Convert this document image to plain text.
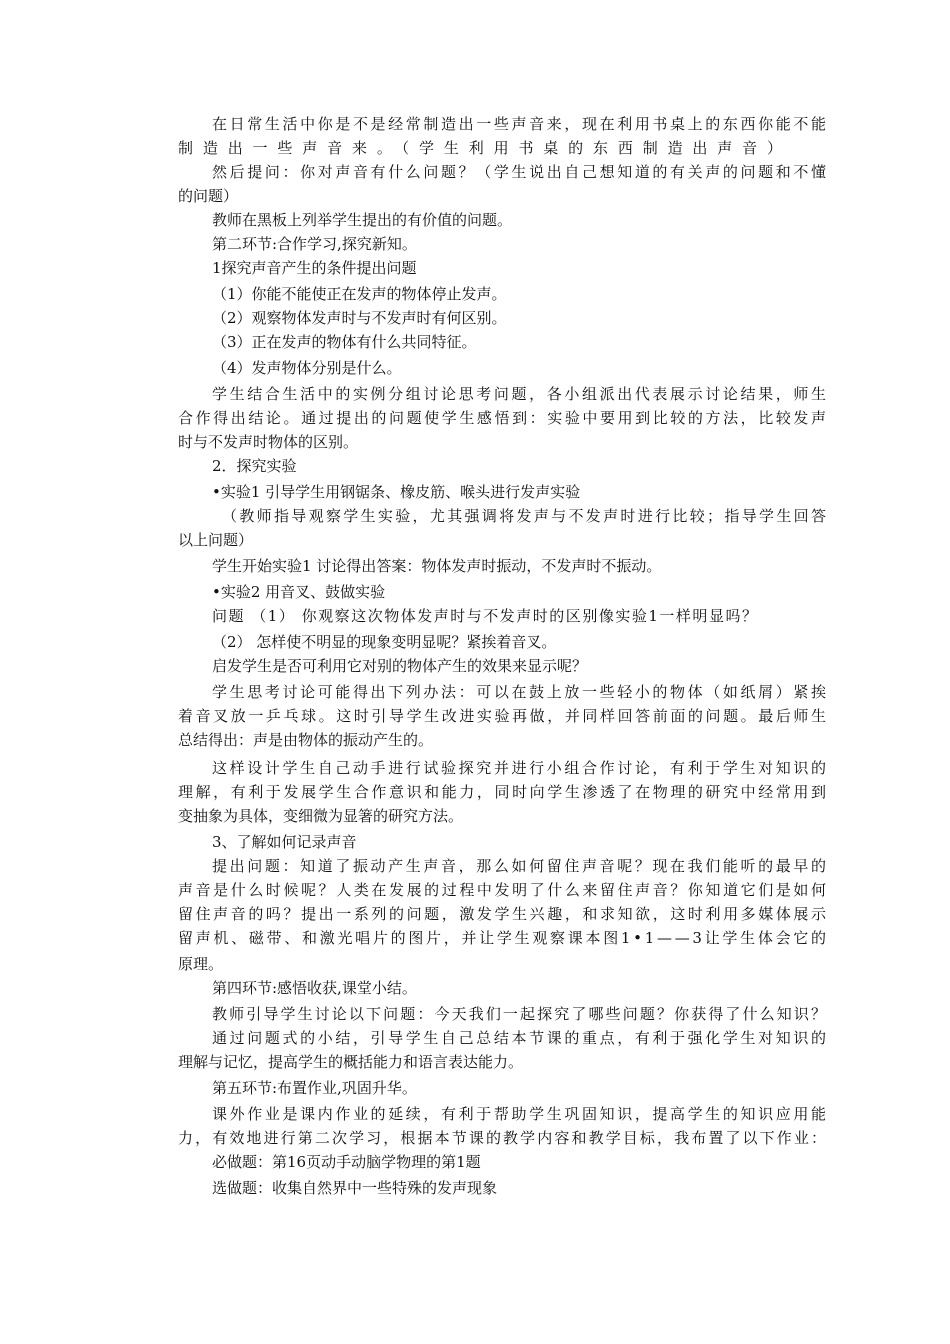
在日常生活中你是不是经常制造出一些声音来，现在利用书桌上的东西你能不能
制造出一些声音来。（学生利用书桌的东西制造出声音）
然后提问：你对声音有什么问题？（学生说出自己想知道的有关声的问题和不懂
的问题）
教师在黑板上列举学生提出的有价值的问题。
第二环节:合作学习,探究新知。
1探究声音产生的条件提出问题
（1）你能不能使正在发声的物体停止发声。
（2）观察物体发声时与不发声时有何区别。
（3）正在发声的物体有什么共同特征。
（4）发声物体分别是什么。
学生结合生活中的实例分组讨论思考问题，各小组派出代表展示讨论结果，师生
合作得出结论。通过提出的问题使学生感悟到：实验中要用到比较的方法，比较发声
时与不发声时物体的区别。
2．探究实验
•实验1 引导学生用钢锯条、橡皮筋、喉头进行发声实验
（教师指导观察学生实验，尤其强调将发声与不发声时进行比较；指导学生回答
以上问题）
学生开始实验1 讨论得出答案：物体发声时振动，不发声时不振动。
•实验2 用音叉、鼓做实验
问题 （1） 你观察这次物体发声时与不发声时的区别像实验1一样明显吗？
（2） 怎样使不明显的现象变明显呢？紧挨着音叉。
启发学生是否可利用它对别的物体产生的效果来显示呢？
学生思考讨论可能得出下列办法：可以在鼓上放一些轻小的物体（如纸屑）紧挨
着音叉放一乒乓球。这时引导学生改进实验再做，并同样回答前面的问题。最后师生
总结得出：声是由物体的振动产生的。
这样设计学生自己动手进行试验探究并进行小组合作讨论，有利于学生对知识的
理解，有利于发展学生合作意识和能力，同时向学生渗透了在物理的研究中经常用到
变抽象为具体，变细微为显箸的研究方法。
3、了解如何记录声音
提出问题：知道了振动产生声音，那么如何留住声音呢？现在我们能听的最早的
声音是什么时候呢？人类在发展的过程中发明了什么来留住声音？你知道它们是如何
留住声音的吗？提出一系列的问题，激发学生兴趣，和求知欲，这时利用多媒体展示
留声机、磁带、和激光唱片的图片，并让学生观察课本图1•1——3让学生体会它的
原理。
第四环节:感悟收获,课堂小结。
教师引导学生讨论以下问题：今天我们一起探究了哪些问题？你获得了什么知识？
通过问题式的小结，引导学生自己总结本节课的重点，有利于强化学生对知识的
理解与记忆，提高学生的概括能力和语言表达能力。
第五环节:布置作业,巩固升华。
课外作业是课内作业的延续，有利于帮助学生巩固知识，提高学生的知识应用能
力，有效地进行第二次学习，根据本节课的教学内容和教学目标，我布置了以下作业：
必做题：第16页动手动脑学物理的第1题
选做题：收集自然界中一些特殊的发声现象
